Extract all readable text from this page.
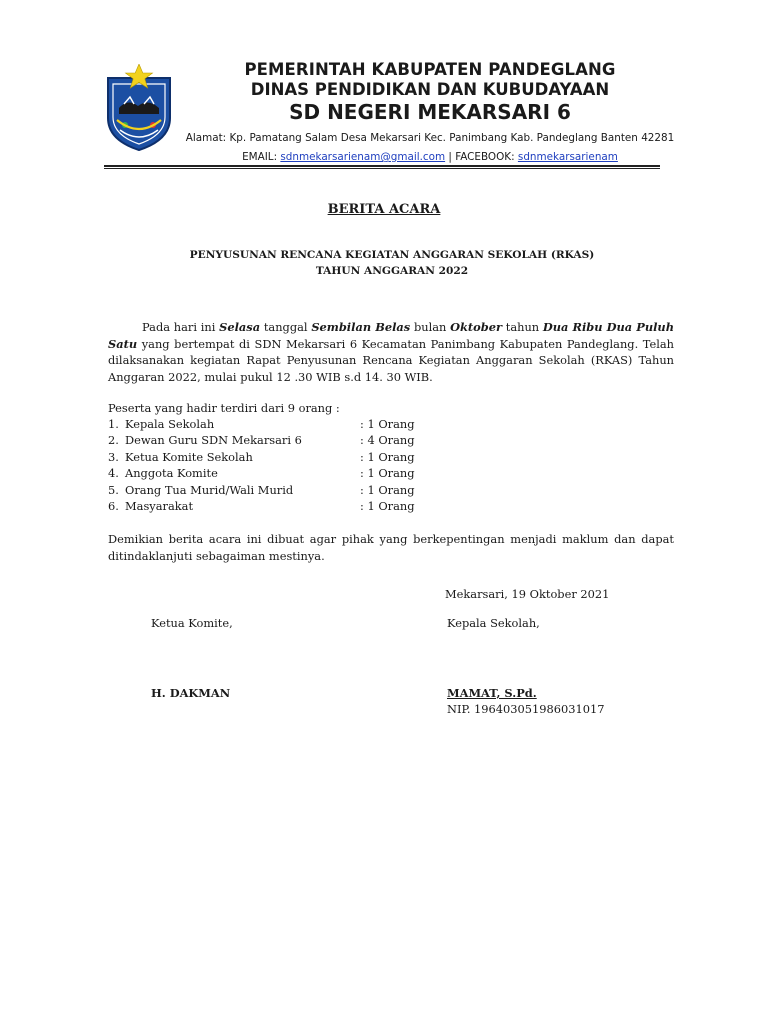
PEMERINTAH KABUPATEN PANDEGLANG
DINAS PENDIDIKAN DAN KUBUDAYAAN
SD NEGERI MEKARSARI 6
Alamat: Kp. Pamatang Salam Desa Mekarsari Kec. Panimbang Kab. Pandeglang Banten 42281
EMAIL: sdnmekarsarienam@gmail.com | FACEBOOK: sdnmekarsarienam
BERITA ACARA
PENYUSUNAN RENCANA KEGIATAN ANGGARAN SEKOLAH (RKAS)
TAHUN ANGGARAN 2022

Pada hari ini Selasa tanggal Sembilan Belas bulan Oktober tahun Dua Ribu Dua Puluh Satu yang bertempat di SDN Mekarsari 6 Kecamatan Panimbang Kabupaten Pandeglang. Telah dilaksanakan kegiatan Rapat Penyusunan Rencana Kegiatan Anggaran Sekolah (RKAS) Tahun Anggaran 2022, mulai pukul 12 .30 WIB s.d 14. 30 WIB.

Peserta yang hadir terdiri dari 9 orang :
1. Kepala Sekolah	: 1 Orang
2. Dewan Guru SDN Mekarsari 6	: 4 Orang
3. Ketua Komite Sekolah	: 1 Orang
4. Anggota Komite	: 1 Orang
5. Orang Tua Murid/Wali Murid	: 1 Orang
6. Masyarakat	: 1 Orang

Demikian berita acara ini dibuat agar pihak yang berkepentingan menjadi maklum dan dapat ditindaklanjuti sebagaiman mestinya.

Mekarsari, 19 Oktober 2021
Ketua Komite,	Kepala Sekolah,
H. DAKMAN	MAMAT, S.Pd.
NIP. 196403051986031017
